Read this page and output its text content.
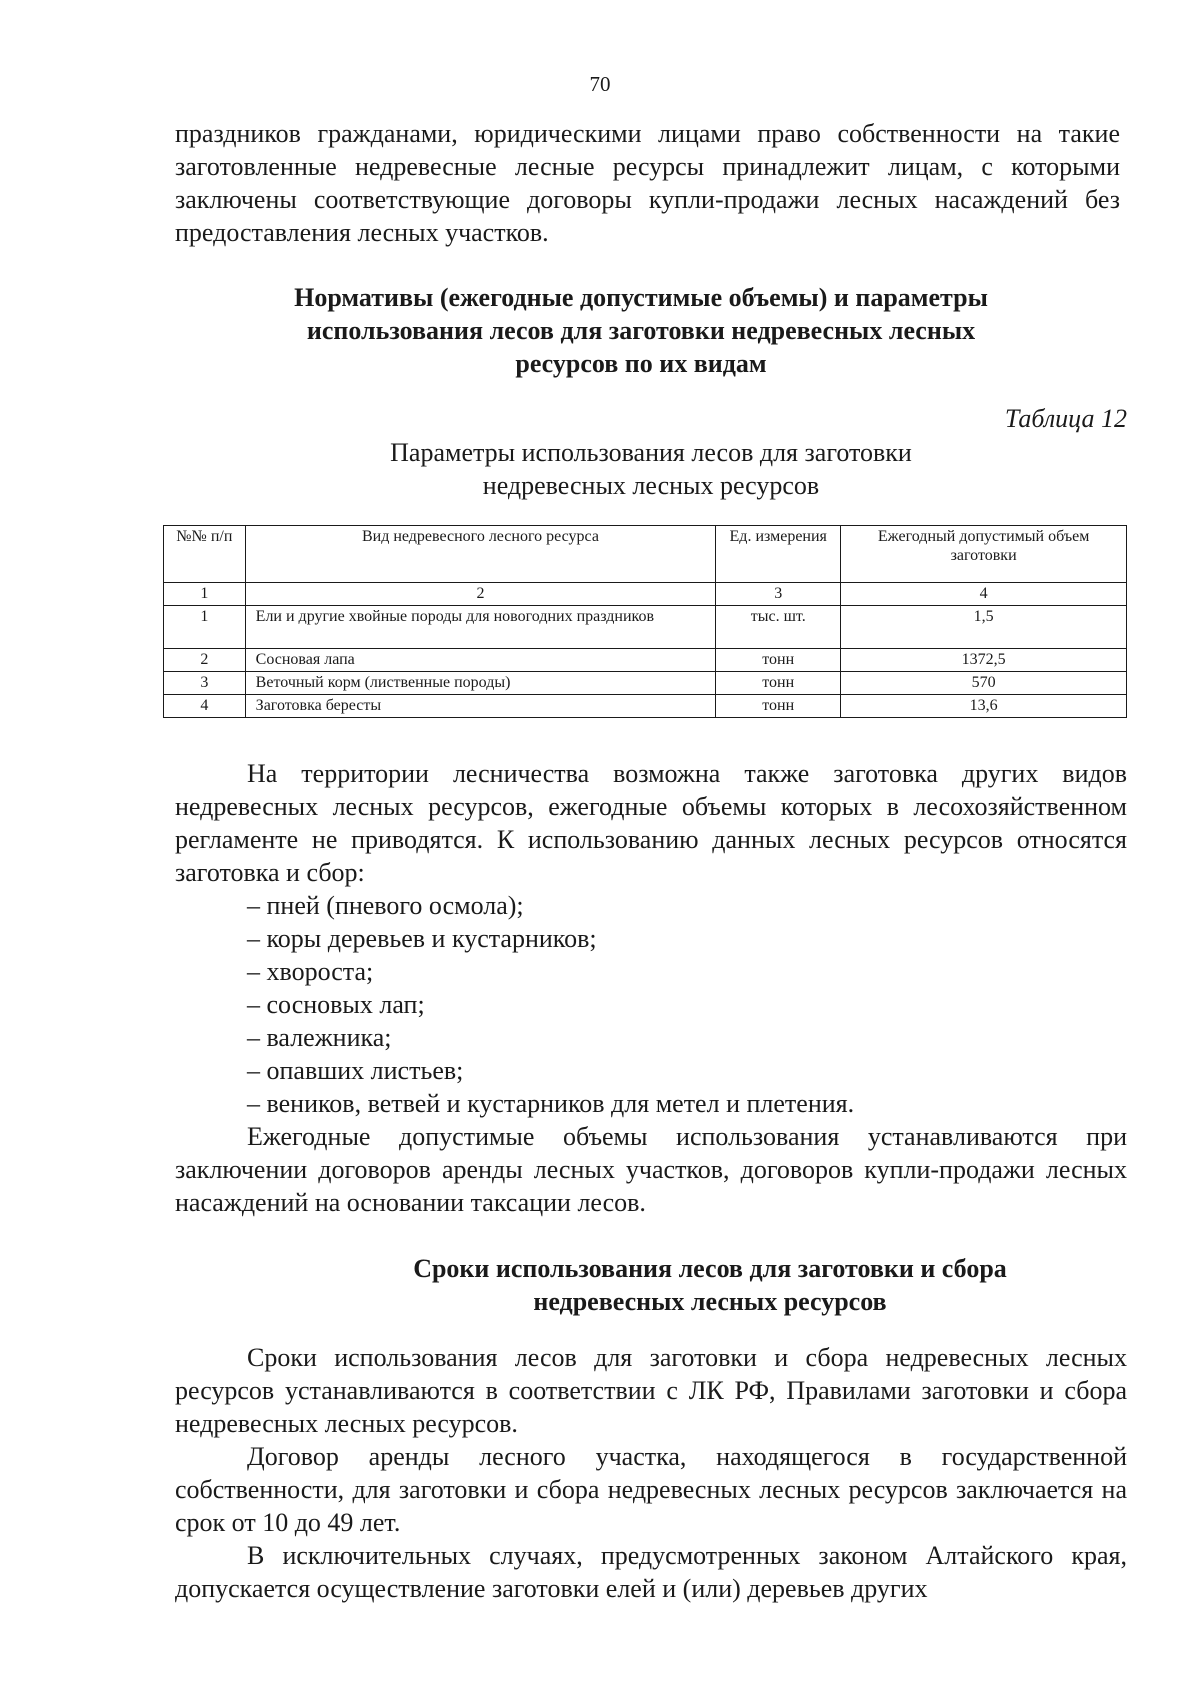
70

праздников гражданами, юридическими лицами право собственности на такие заготовленные недревесные лесные ресурсы принадлежит лицам, с которыми заключены соответствующие договоры купли-продажи лесных насаждений без предоставления лесных участков.

Нормативы (ежегодные допустимые объемы) и параметры
использования лесов для заготовки недревесных лесных
ресурсов по их видам
Таблица 12
Параметры использования лесов для заготовки
недревесных лесных ресурсов
№№ п/п	Вид недревесного лесного ресурса	Ед. измерения	Ежегодный допустимый объем заготовки
1	2	3	4
1	Ели и другие хвойные породы для новогодних праздников	тыс. шт.	1,5
2	Сосновая лапа	тонн	1372,5
3	Веточный корм (лиственные породы)	тонн	570
4	Заготовка бересты	тонн	13,6

На территории лесничества возможна также заготовка других видов недревесных лесных ресурсов, ежегодные объемы которых в лесохозяйственном регламенте не приводятся. К использованию данных лесных ресурсов относятся заготовка и сбор:

– пней (пневого осмола);
– коры деревьев и кустарников;
– хвороста;
– сосновых лап;
– валежника;
– опавших листьев;
– веников, ветвей и кустарников для метел и плетения.

Ежегодные допустимые объемы использования устанавливаются при заключении договоров аренды лесных участков, договоров купли-продажи лесных насаждений на основании таксации лесов.

Сроки использования лесов для заготовки и сбора
недревесных лесных ресурсов

Сроки использования лесов для заготовки и сбора недревесных лесных ресурсов устанавливаются в соответствии с ЛК РФ, Правилами заготовки и сбора недревесных лесных ресурсов.

Договор аренды лесного участка, находящегося в государственной собственности, для заготовки и сбора недревесных лесных ресурсов заключается на срок от 10 до 49 лет.

В исключительных случаях, предусмотренных законом Алтайского края, допускается осуществление заготовки елей и (или) деревьев других
